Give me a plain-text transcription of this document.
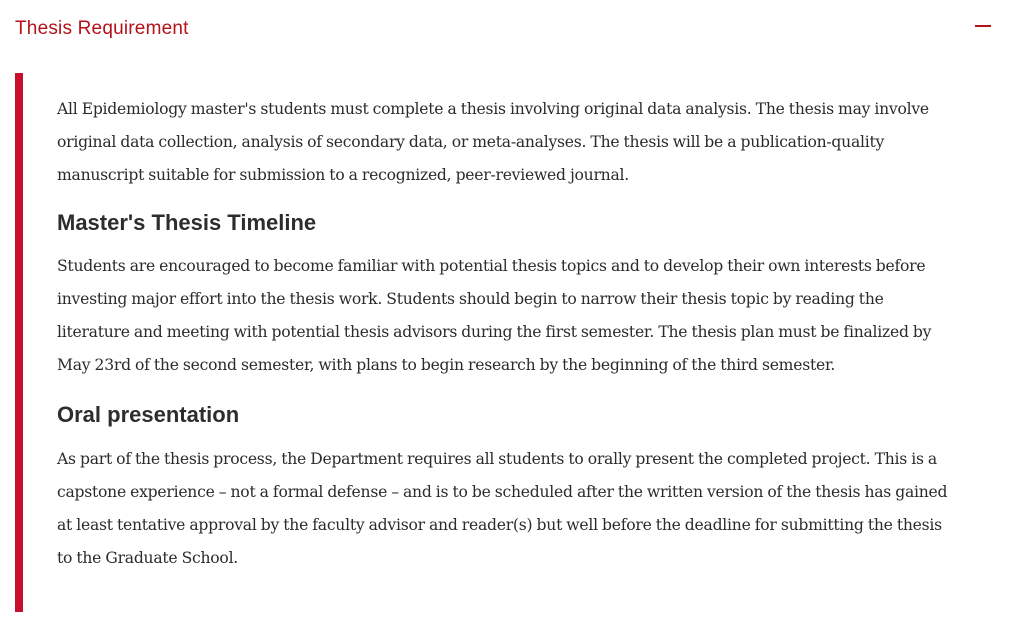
Thesis Requirement

All Epidemiology master's students must complete a thesis involving original data analysis. The thesis may involve original data collection, analysis of secondary data, or meta-analyses. The thesis will be a publication-quality manuscript suitable for submission to a recognized, peer-reviewed journal.

Master's Thesis Timeline

Students are encouraged to become familiar with potential thesis topics and to develop their own interests before investing major effort into the thesis work. Students should begin to narrow their thesis topic by reading the literature and meeting with potential thesis advisors during the first semester. The thesis plan must be finalized by May 23rd of the second semester, with plans to begin research by the beginning of the third semester.

Oral presentation

As part of the thesis process, the Department requires all students to orally present the completed project. This is a capstone experience – not a formal defense – and is to be scheduled after the written version of the thesis has gained at least tentative approval by the faculty advisor and reader(s) but well before the deadline for submitting the thesis to the Graduate School.
